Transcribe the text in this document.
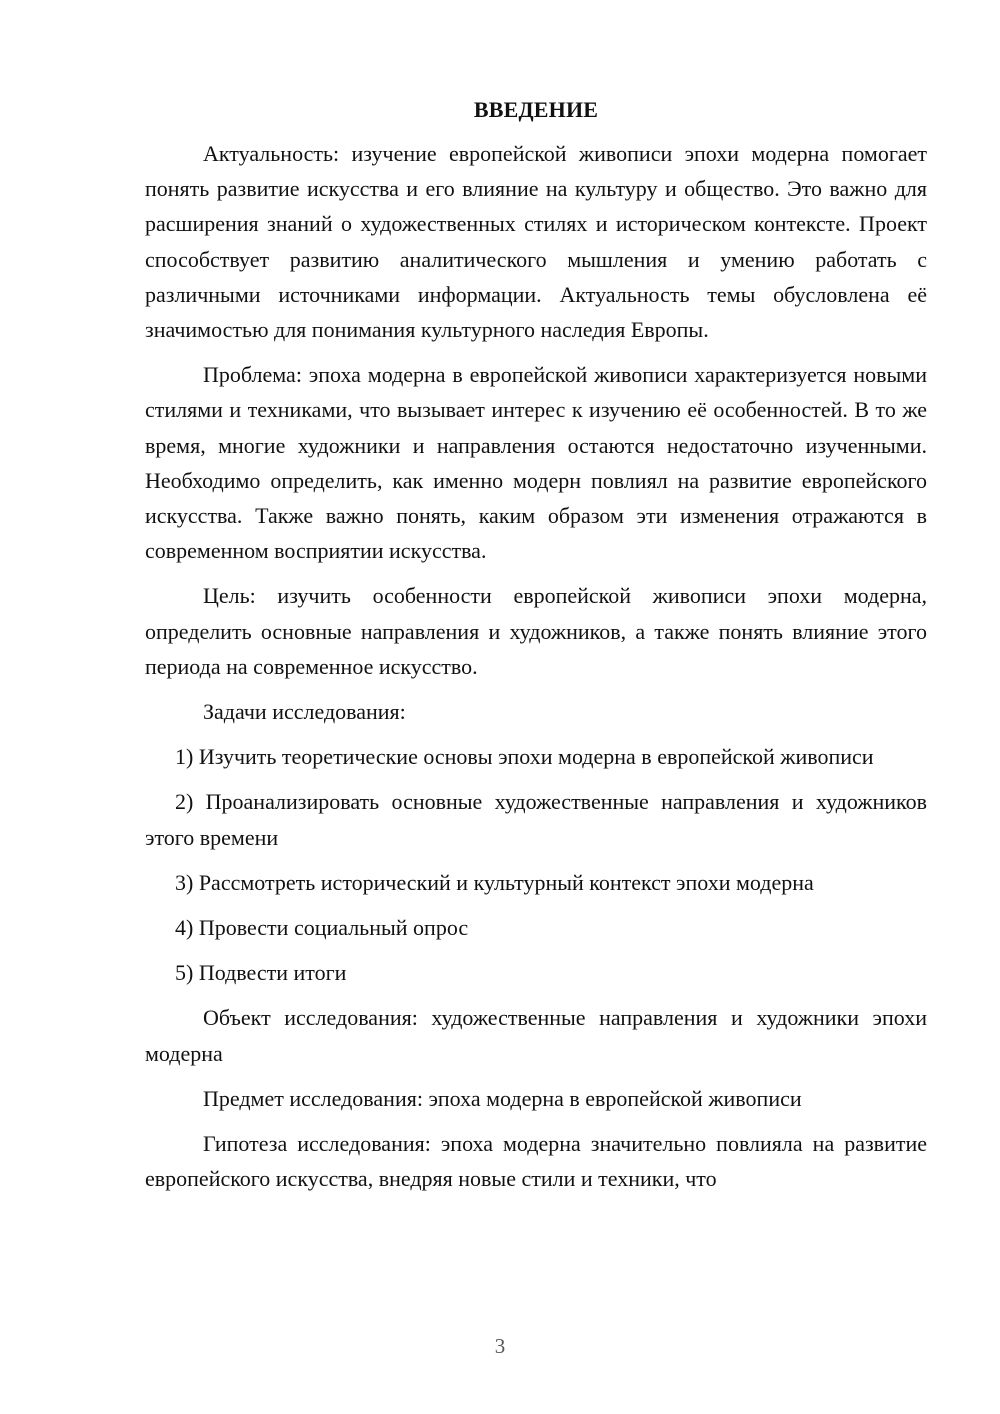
ВВЕДЕНИЕ

Актуальность: изучение европейской живописи эпохи модерна помогает понять развитие искусства и его влияние на культуру и общество. Это важно для расширения знаний о художественных стилях и историческом контексте. Проект способствует развитию аналитического мышления и умению работать с различными источниками информации. Актуальность темы обусловлена её значимостью для понимания культурного наследия Европы.

Проблема: эпоха модерна в европейской живописи характеризуется новыми стилями и техниками, что вызывает интерес к изучению её особенностей. В то же время, многие художники и направления остаются недостаточно изученными. Необходимо определить, как именно модерн повлиял на развитие европейского искусства. Также важно понять, каким образом эти изменения отражаются в современном восприятии искусства.

Цель: изучить особенности европейской живописи эпохи модерна, определить основные направления и художников, а также понять влияние этого периода на современное искусство.

Задачи исследования:

1) Изучить теоретические основы эпохи модерна в европейской живописи

2) Проанализировать основные художественные направления и художников этого времени

3) Рассмотреть исторический и культурный контекст эпохи модерна

4) Провести социальный опрос

5) Подвести итоги

Объект исследования: художественные направления и художники эпохи модерна

Предмет исследования: эпоха модерна в европейской живописи

Гипотеза исследования: эпоха модерна значительно повлияла на развитие европейского искусства, внедряя новые стили и техники, что

3
